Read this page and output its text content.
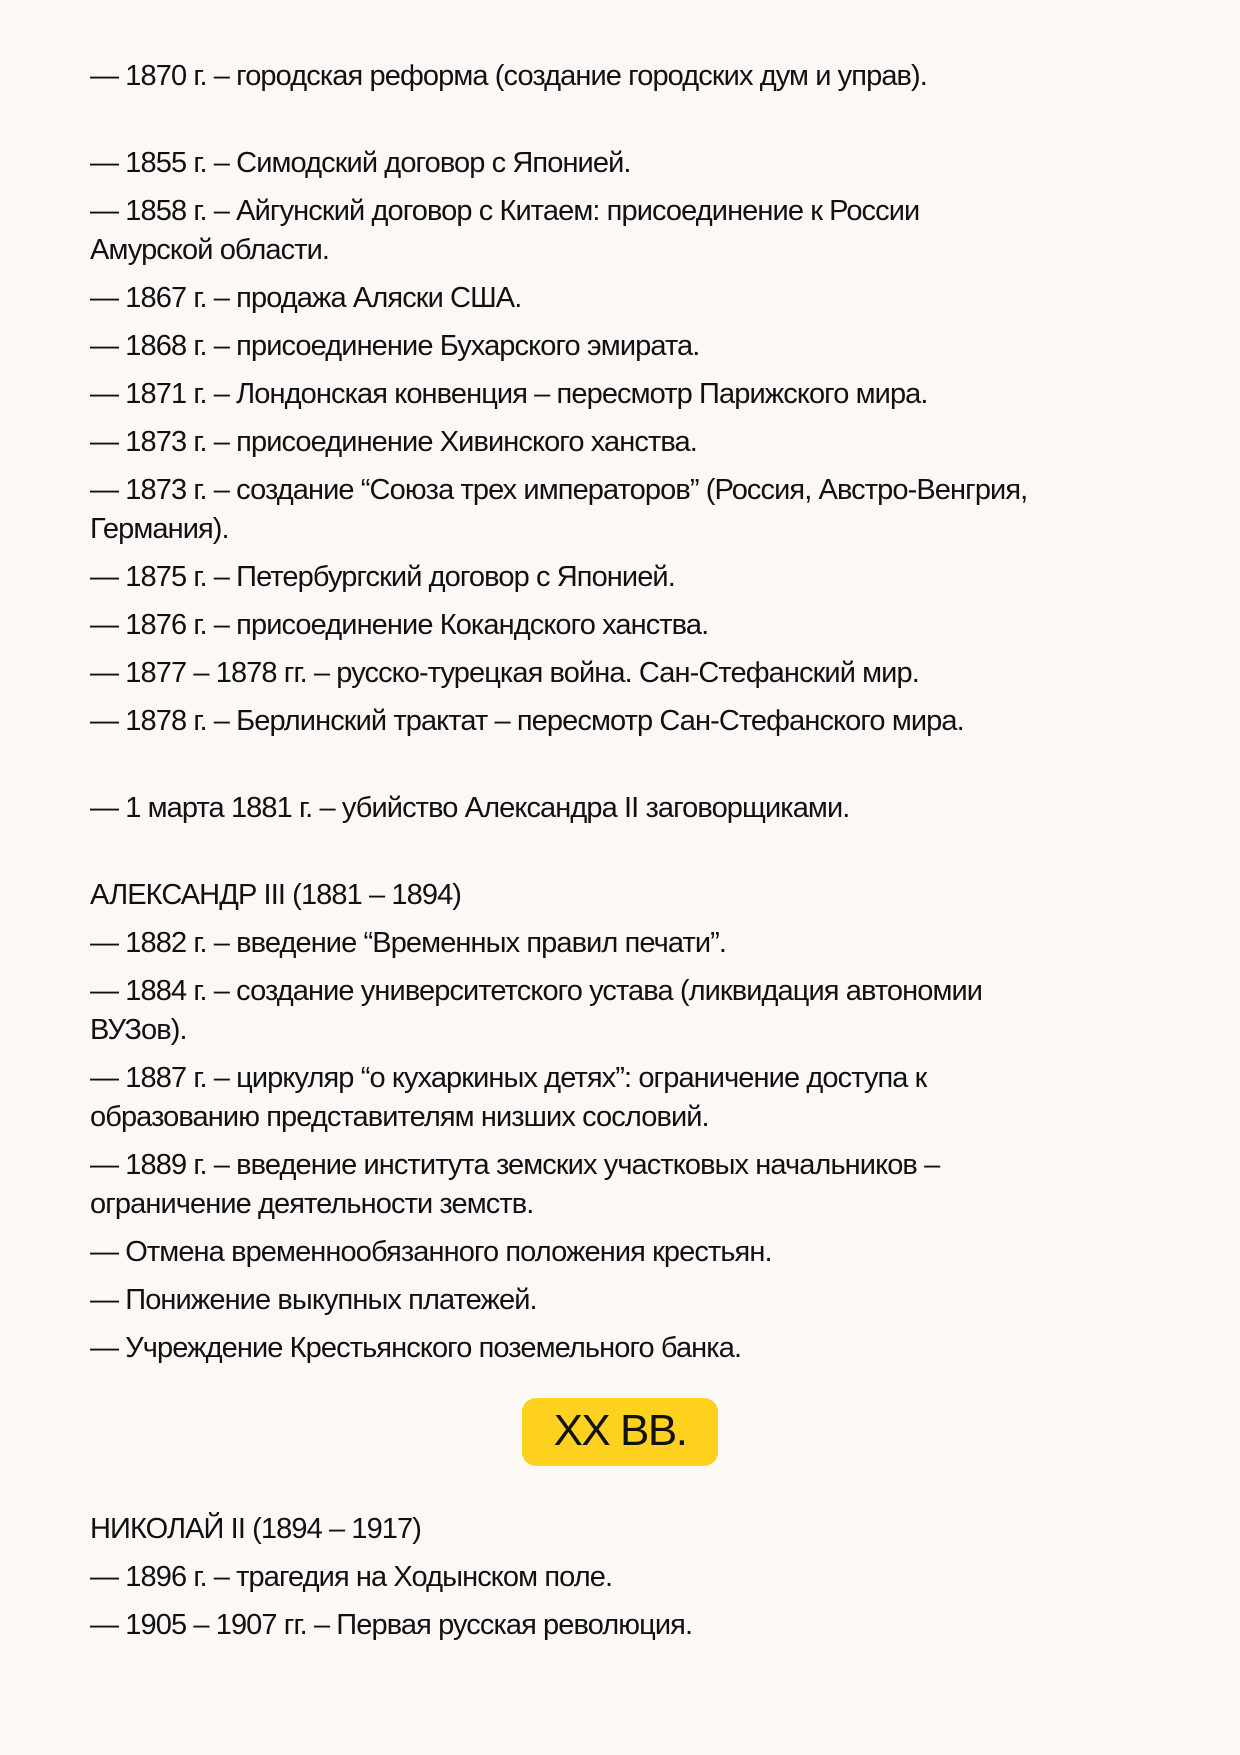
— 1870 г. – городская реформа (создание городских дум и управ).
— 1855 г. – Симодский договор с Японией.
— 1858 г. – Айгунский договор с Китаем: присоединение к России Амурской области.
— 1867 г. – продажа Аляски США.
— 1868 г. – присоединение Бухарского эмирата.
— 1871 г. – Лондонская конвенция – пересмотр Парижского мира.
— 1873 г. – присоединение Хивинского ханства.
— 1873 г. – создание “Союза трех императоров” (Россия, Австро-Венгрия, Германия).
— 1875 г. – Петербургский договор с Японией.
— 1876 г. – присоединение Кокандского ханства.
— 1877 – 1878 гг. – русско-турецкая война. Сан-Стефанский мир.
— 1878 г. – Берлинский трактат – пересмотр Сан-Стефанского мира.
— 1 марта 1881 г. – убийство Александра II заговорщиками.
АЛЕКСАНДР III (1881 – 1894)
— 1882 г. – введение “Временных правил печати”.
— 1884 г. – создание университетского устава (ликвидация автономии ВУЗов).
— 1887 г. – циркуляр “о кухаркиных детях”: ограничение доступа к образованию представителям низших сословий.
— 1889 г. – введение института земских участковых начальников – ограничение деятельности земств.
— Отмена временнообязанного положения крестьян.
— Понижение выкупных платежей.
— Учреждение Крестьянского поземельного банка.
XX ВВ.
НИКОЛАЙ II (1894 – 1917)
— 1896 г. – трагедия на Ходынском поле.
— 1905 – 1907 гг. – Первая русская революция.
